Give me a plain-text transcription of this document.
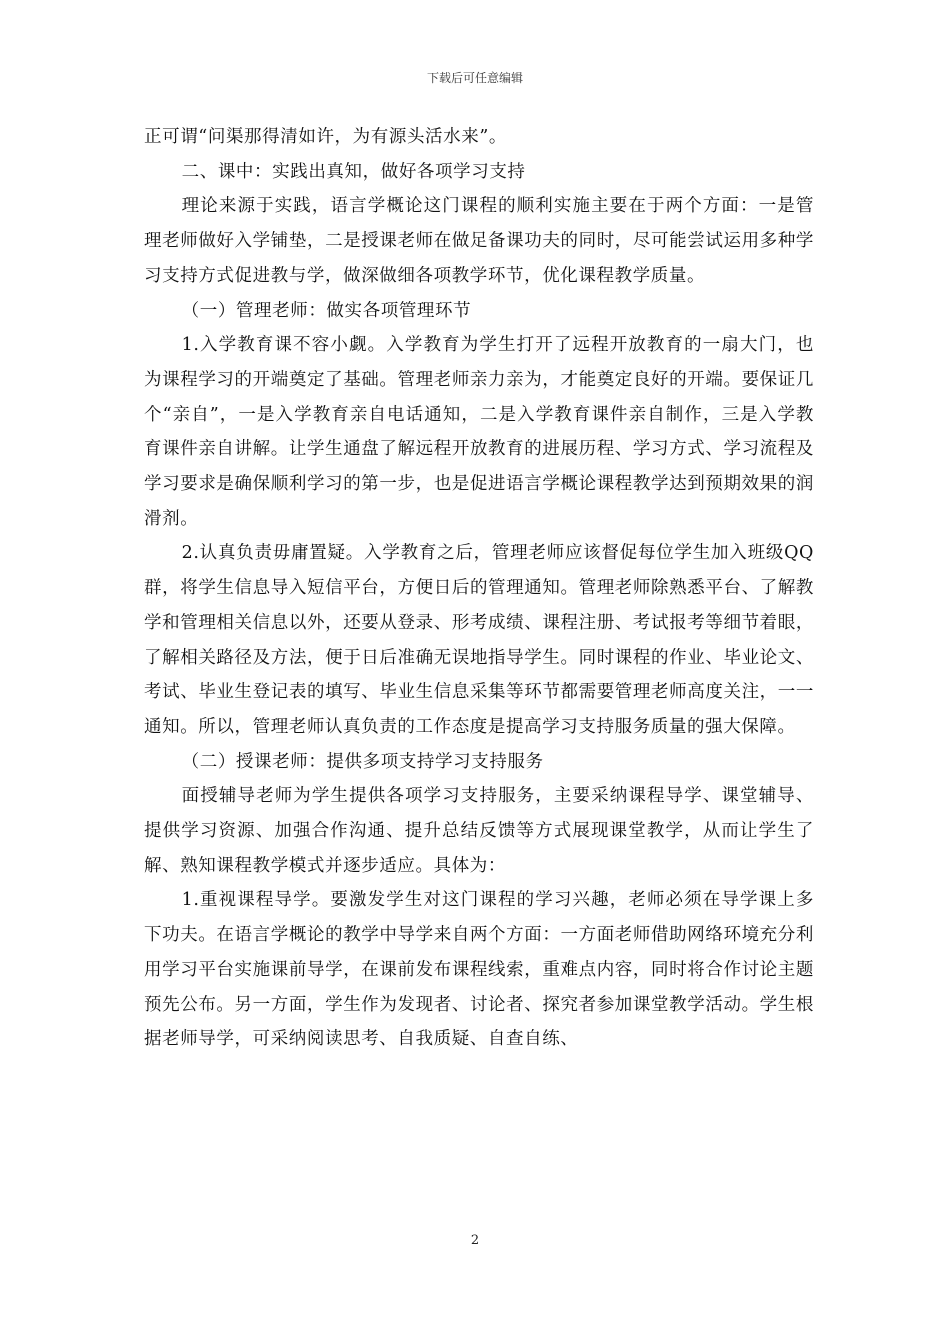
下载后可任意编辑

正可谓“问渠那得清如许，为有源头活水来”。

二、课中：实践出真知，做好各项学习支持

理论来源于实践，语言学概论这门课程的顺利实施主要在于两个方面：一是管理老师做好入学铺垫，二是授课老师在做足备课功夫的同时，尽可能尝试运用多种学习支持方式促进教与学，做深做细各项教学环节，优化课程教学质量。

（一）管理老师：做实各项管理环节

1.入学教育课不容小觑。入学教育为学生打开了远程开放教育的一扇大门，也为课程学习的开端奠定了基础。管理老师亲力亲为，才能奠定良好的开端。要保证几个“亲自”，一是入学教育亲自电话通知，二是入学教育课件亲自制作，三是入学教育课件亲自讲解。让学生通盘了解远程开放教育的进展历程、学习方式、学习流程及学习要求是确保顺利学习的第一步，也是促进语言学概论课程教学达到预期效果的润滑剂。

2.认真负责毋庸置疑。入学教育之后，管理老师应该督促每位学生加入班级QQ群，将学生信息导入短信平台，方便日后的管理通知。管理老师除熟悉平台、了解教学和管理相关信息以外，还要从登录、形考成绩、课程注册、考试报考等细节着眼，了解相关路径及方法，便于日后准确无误地指导学生。同时课程的作业、毕业论文、考试、毕业生登记表的填写、毕业生信息采集等环节都需要管理老师高度关注，一一通知。所以，管理老师认真负责的工作态度是提高学习支持服务质量的强大保障。

（二）授课老师：提供多项支持学习支持服务

面授辅导老师为学生提供各项学习支持服务，主要采纳课程导学、课堂辅导、提供学习资源、加强合作沟通、提升总结反馈等方式展现课堂教学，从而让学生了解、熟知课程教学模式并逐步适应。具体为：

1.重视课程导学。要激发学生对这门课程的学习兴趣，老师必须在导学课上多下功夫。在语言学概论的教学中导学来自两个方面：一方面老师借助网络环境充分利用学习平台实施课前导学，在课前发布课程线索，重难点内容，同时将合作讨论主题预先公布。另一方面，学生作为发现者、讨论者、探究者参加课堂教学活动。学生根据老师导学，可采纳阅读思考、自我质疑、自查自练、

2
